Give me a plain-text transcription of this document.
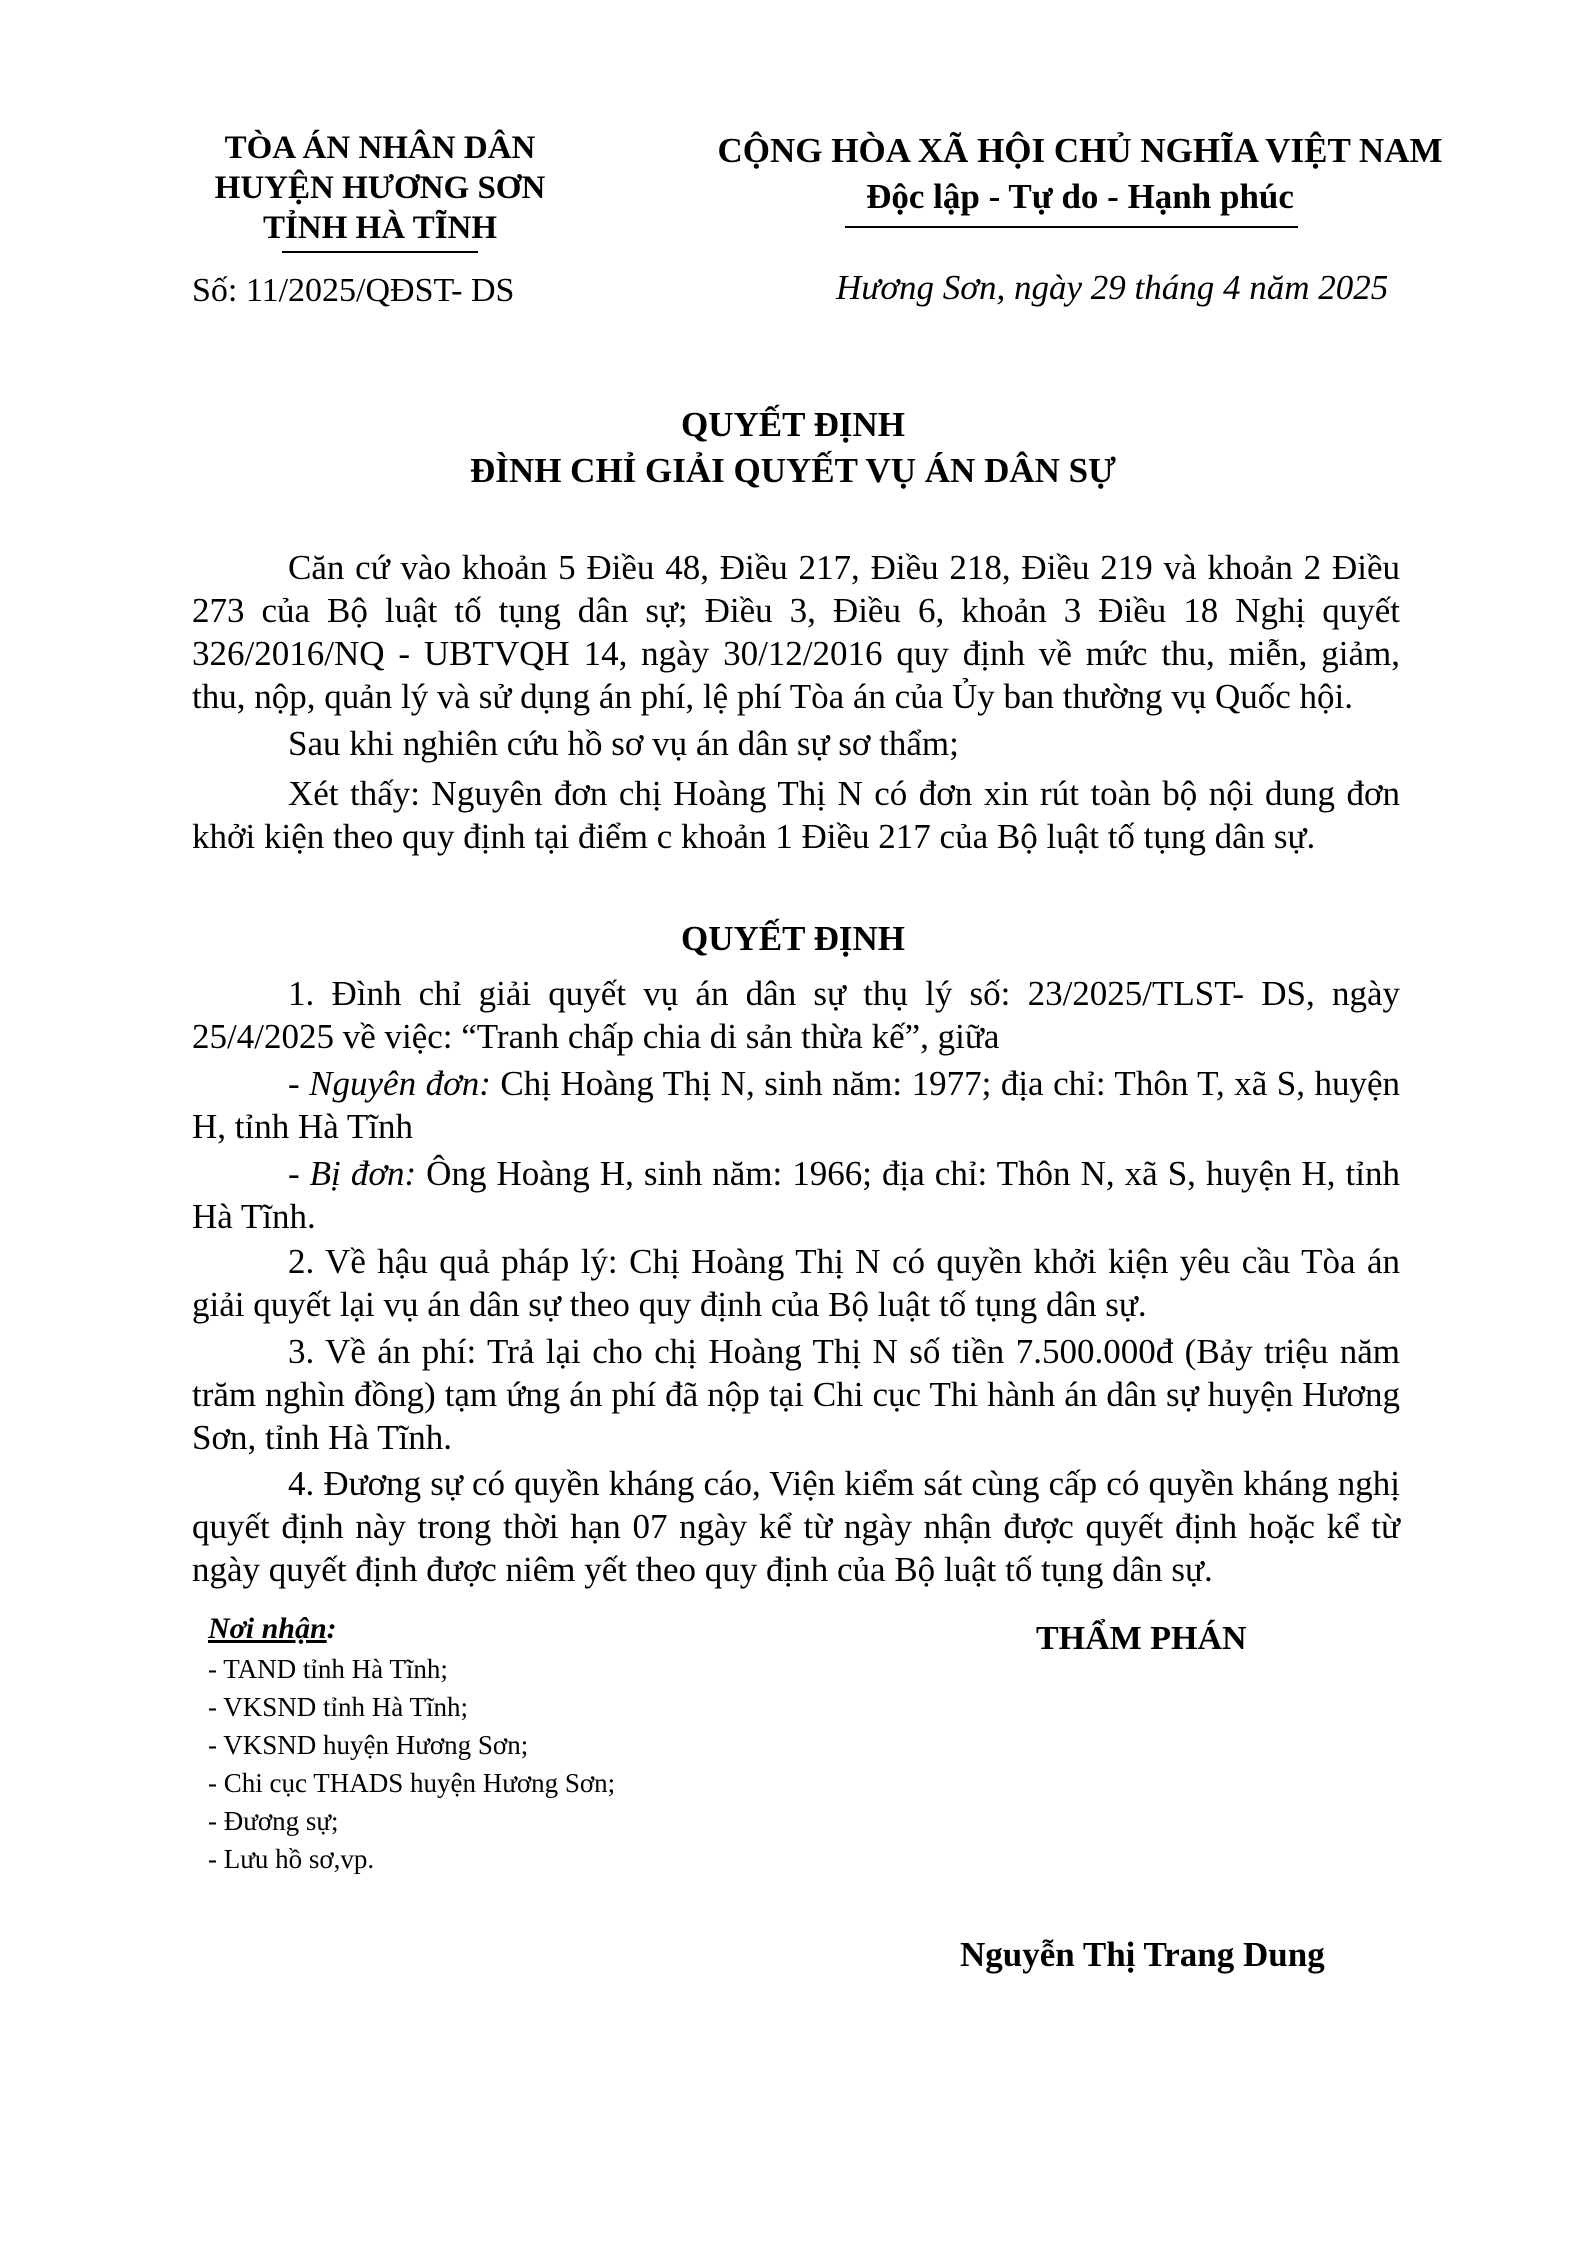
TÒA ÁN NHÂN DÂN
HUYỆN HƯƠNG SƠN
TỈNH HÀ TĨNH
CỘNG HÒA XÃ HỘI CHỦ NGHĨA VIỆT NAM
Độc lập - Tự do - Hạnh phúc
Số: 11/2025/QĐST- DS	Hương Sơn, ngày 29 tháng 4 năm 2025
QUYẾT ĐỊNH
ĐÌNH CHỈ GIẢI QUYẾT VỤ ÁN DÂN SỰ
Căn cứ vào khoản 5 Điều 48, Điều 217, Điều 218, Điều 219 và khoản 2 Điều 273 của Bộ luật tố tụng dân sự; Điều 3, Điều 6, khoản 3 Điều 18 Nghị quyết 326/2016/NQ - UBTVQH 14, ngày 30/12/2016 quy định về mức thu, miễn, giảm, thu, nộp, quản lý và sử dụng án phí, lệ phí Tòa án của Ủy ban thường vụ Quốc hội.
Sau khi nghiên cứu hồ sơ vụ án dân sự sơ thẩm;
Xét thấy: Nguyên đơn chị Hoàng Thị N có đơn xin rút toàn bộ nội dung đơn khởi kiện theo quy định tại điểm c khoản 1 Điều 217 của Bộ luật tố tụng dân sự.
QUYẾT ĐỊNH
1. Đình chỉ giải quyết vụ án dân sự thụ lý số: 23/2025/TLST- DS, ngày 25/4/2025 về việc: “Tranh chấp chia di sản thừa kế”, giữa
- Nguyên đơn: Chị Hoàng Thị N, sinh năm: 1977; địa chỉ: Thôn T, xã S, huyện H, tỉnh Hà Tĩnh
- Bị đơn: Ông Hoàng H, sinh năm: 1966; địa chỉ: Thôn N, xã S, huyện H, tỉnh Hà Tĩnh.
2. Về hậu quả pháp lý: Chị Hoàng Thị N có quyền khởi kiện yêu cầu Tòa án giải quyết lại vụ án dân sự theo quy định của Bộ luật tố tụng dân sự.
3. Về án phí: Trả lại cho chị Hoàng Thị N số tiền 7.500.000đ (Bảy triệu năm trăm nghìn đồng) tạm ứng án phí đã nộp tại Chi cục Thi hành án dân sự huyện Hương Sơn, tỉnh Hà Tĩnh.
4. Đương sự có quyền kháng cáo, Viện kiểm sát cùng cấp có quyền kháng nghị quyết định này trong thời hạn 07 ngày kể từ ngày nhận được quyết định hoặc kể từ ngày quyết định được niêm yết theo quy định của Bộ luật tố tụng dân sự.
Nơi nhận:
- TAND tỉnh Hà Tĩnh;
- VKSND tỉnh Hà Tĩnh;
- VKSND huyện Hương Sơn;
- Chi cục THADS huyện Hương Sơn;
- Đương sự;
- Lưu hồ sơ,vp.
THẨM PHÁN
Nguyễn Thị Trang Dung
